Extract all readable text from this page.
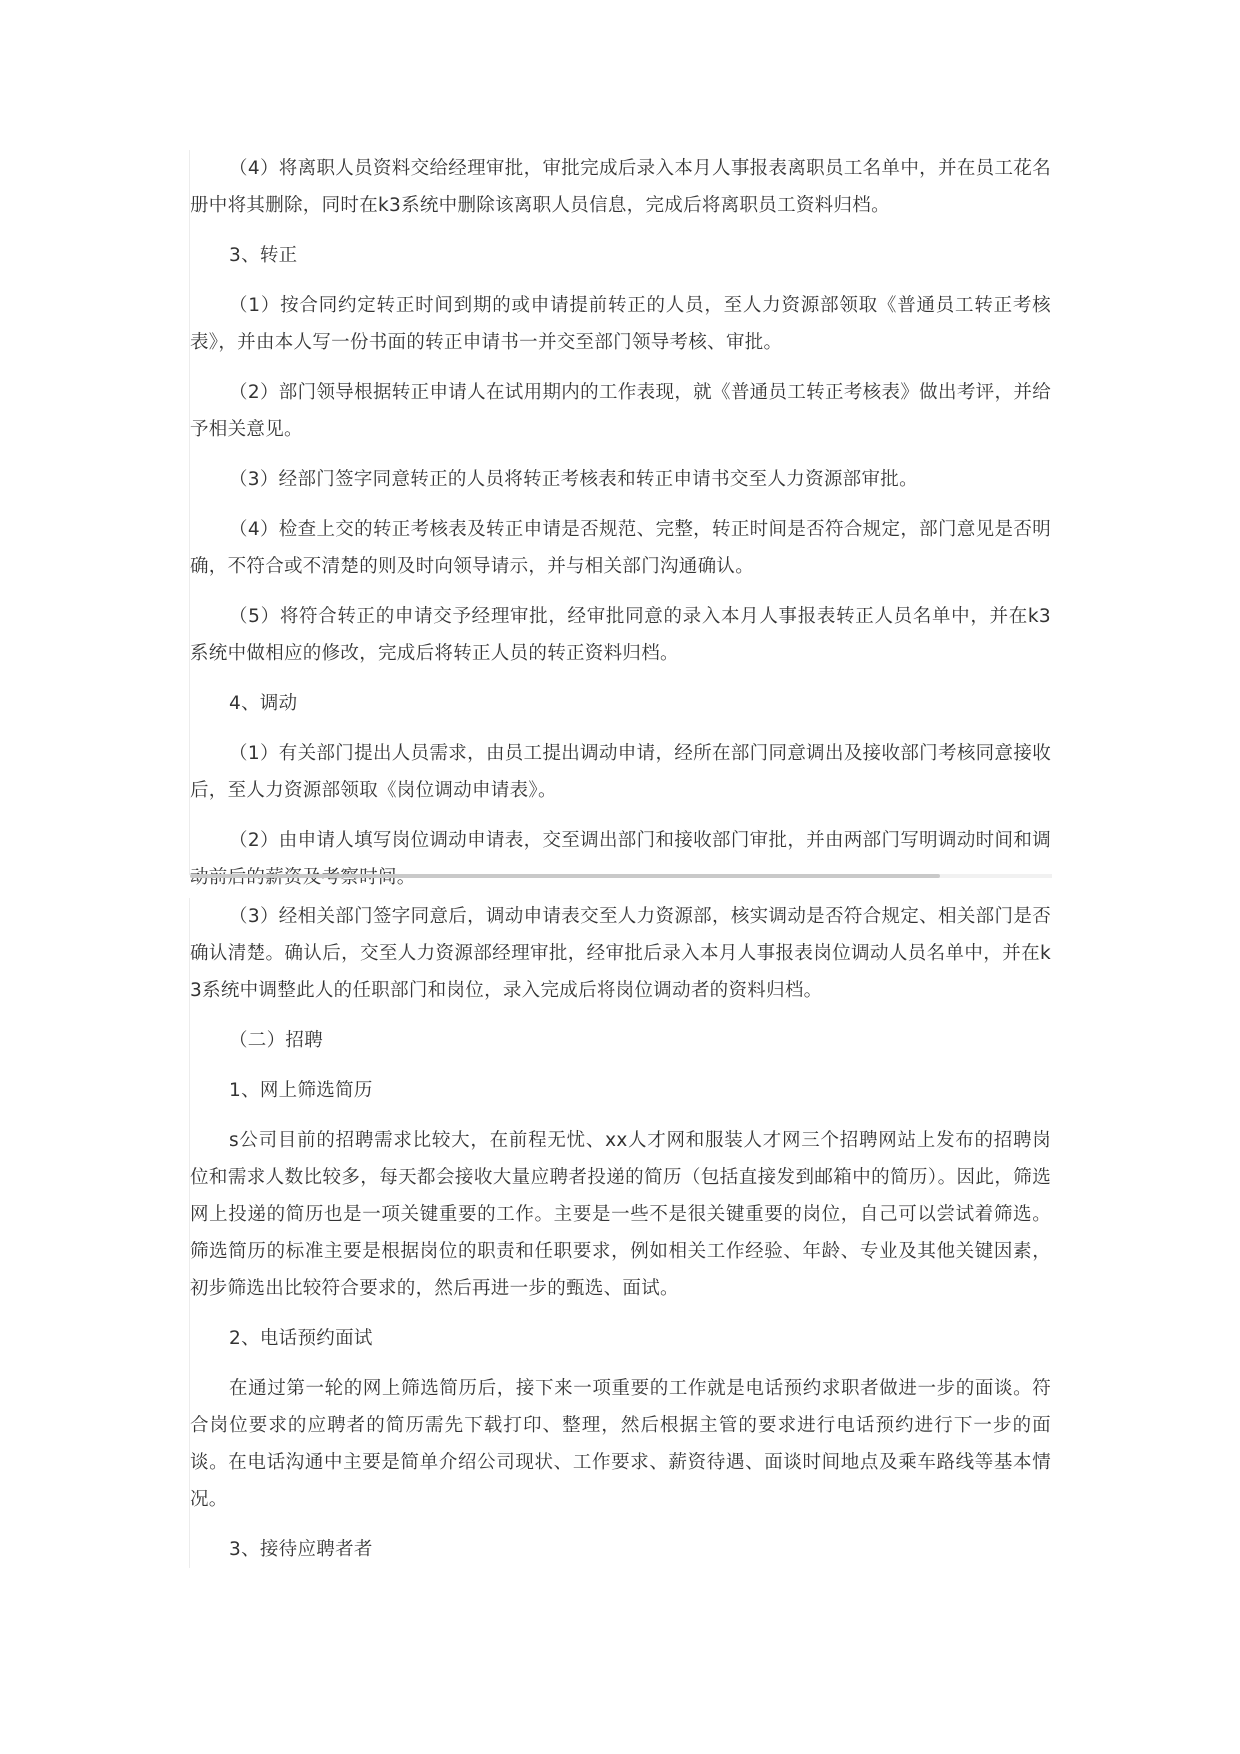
（4）将离职人员资料交给经理审批，审批完成后录入本月人事报表离职员工名单中，并在员工花名册中将其删除，同时在k3系统中删除该离职人员信息，完成后将离职员工资料归档。

3、转正

（1）按合同约定转正时间到期的或申请提前转正的人员，至人力资源部领取《普通员工转正考核表》，并由本人写一份书面的转正申请书一并交至部门领导考核、审批。

（2）部门领导根据转正申请人在试用期内的工作表现，就《普通员工转正考核表》做出考评，并给予相关意见。

（3）经部门签字同意转正的人员将转正考核表和转正申请书交至人力资源部审批。

（4）检查上交的转正考核表及转正申请是否规范、完整，转正时间是否符合规定，部门意见是否明确，不符合或不清楚的则及时向领导请示，并与相关部门沟通确认。

（5）将符合转正的申请交予经理审批，经审批同意的录入本月人事报表转正人员名单中，并在k3系统中做相应的修改，完成后将转正人员的转正资料归档。

4、调动

（1）有关部门提出人员需求，由员工提出调动申请，经所在部门同意调出及接收部门考核同意接收后，至人力资源部领取《岗位调动申请表》。

（2）由申请人填写岗位调动申请表，交至调出部门和接收部门审批，并由两部门写明调动时间和调

（3）经相关部门签字同意后，调动申请表交至人力资源部，核实调动是否符合规定、相关部门是否确认清楚。确认后，交至人力资源部经理审批，经审批后录入本月人事报表岗位调动人员名单中，并在k3系统中调整此人的任职部门和岗位，录入完成后将岗位调动者的资料归档。

（二）招聘

1、网上筛选简历

s公司目前的招聘需求比较大，在前程无忧、xx人才网和服装人才网三个招聘网站上发布的招聘岗位和需求人数比较多，每天都会接收大量应聘者投递的简历（包括直接发到邮箱中的简历）。因此，筛选网上投递的简历也是一项关键重要的工作。主要是一些不是很关键重要的岗位，自己可以尝试着筛选。筛选简历的标准主要是根据岗位的职责和任职要求，例如相关工作经验、年龄、专业及其他关键因素，初步筛选出比较符合要求的，然后再进一步的甄选、面试。

2、电话预约面试

在通过第一轮的网上筛选简历后，接下来一项重要的工作就是电话预约求职者做进一步的面谈。符合岗位要求的应聘者的简历需先下载打印、整理，然后根据主管的要求进行电话预约进行下一步的面谈。在电话沟通中主要是简单介绍公司现状、工作要求、薪资待遇、面谈时间地点及乘车路线等基本情况。

3、接待应聘者者
